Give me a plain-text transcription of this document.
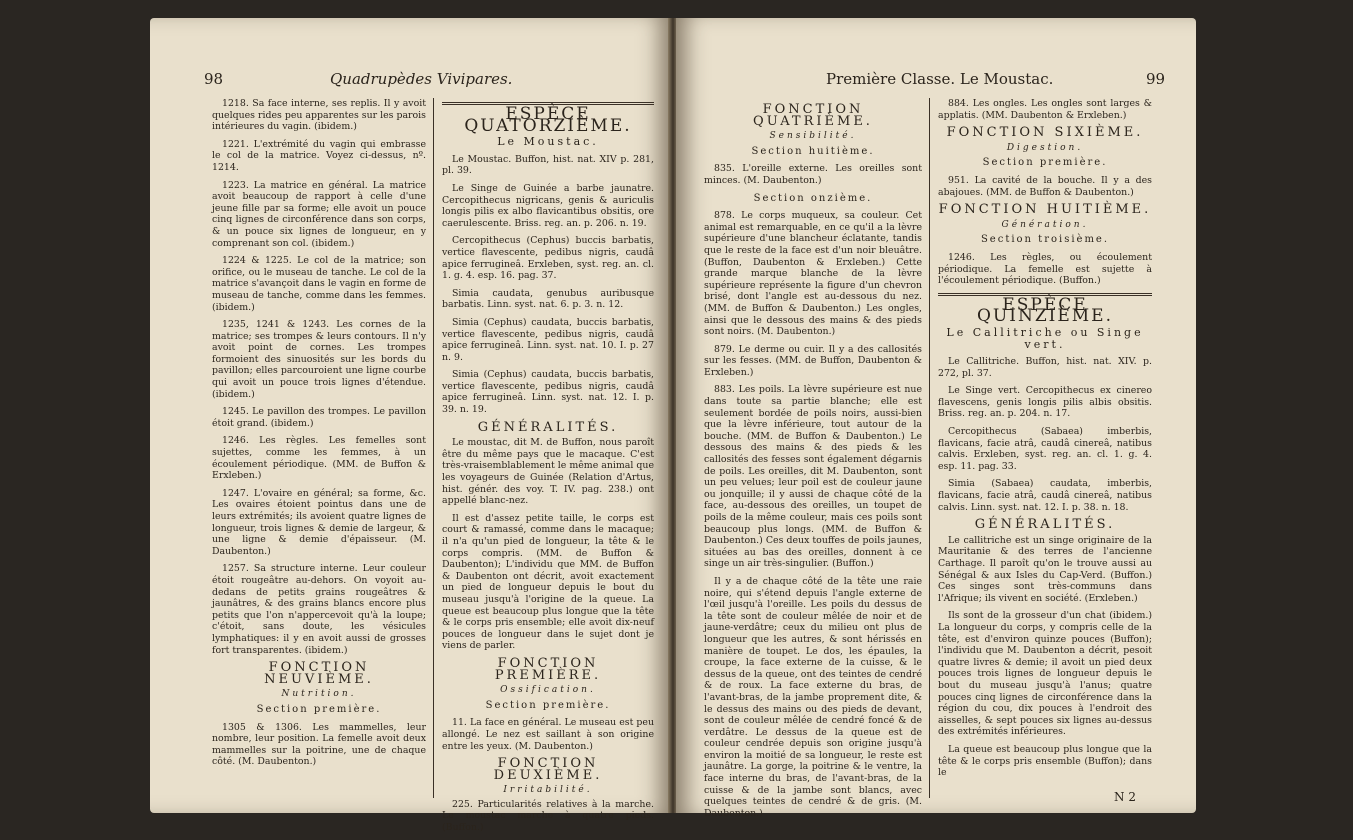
98	Quadrupèdes Vivipares.

1218. Sa face interne, ses replis. Il y avoit quelques rides peu apparentes sur les parois intérieures du vagin. (ibidem.)

1221. L'extrémité du vagin qui embrasse le col de la matrice. Voyez ci-dessus, nº. 1214.

1223. La matrice en général. La matrice avoit beaucoup de rapport à celle d'une jeune fille par sa forme; elle avoit un pouce cinq lignes de circonférence dans son corps, & un pouce six lignes de longueur, en y comprenant son col. (ibidem.)

1224 & 1225. Le col de la matrice; son orifice, ou le museau de tanche. Le col de la matrice s'avançoit dans le vagin en forme de museau de tanche, comme dans les femmes. (ibidem.)

1235, 1241 & 1243. Les cornes de la matrice; ses trompes & leurs contours. Il n'y avoit point de cornes. Les trompes formoient des sinuosités sur les bords du pavillon; elles parcouroient une ligne courbe qui avoit un pouce trois lignes d'étendue. (ibidem.)

1245. Le pavillon des trompes. Le pavillon étoit grand. (ibidem.)

1246. Les règles. Les femelles sont sujettes, comme les femmes, à un écoulement périodique. (MM. de Buffon & Erxleben.)

1247. L'ovaire en général; sa forme, &c. Les ovaires étoient pointus dans une de leurs extrémités; ils avoient quatre lignes de longueur, trois lignes & demie de largeur, & une ligne & demie d'épaisseur. (M. Daubenton.)

1257. Sa structure interne. Leur couleur étoit rougeâtre au-dehors. On voyoit au-dedans de petits grains rougeâtres & jaunâtres, & des grains blancs encore plus petits que l'on n'appercevoit qu'à la loupe; c'étoit, sans doute, les vésicules lymphatiques: il y en avoit aussi de grosses fort transparentes. (ibidem.)

FONCTION NEUVIÈME.
Nutrition.
Section première.

1305 & 1306. Les mammelles, leur nombre, leur position. La femelle avoit deux mammelles sur la poitrine, une de chaque côté. (M. Daubenton.)

ESPÈCE QUATORZIÈME.
Le Moustac.

Le Moustac. Buffon, hist. nat. XIV p. 281, pl. 39.

Le Singe de Guinée a barbe jaunatre. Cercopithecus nigricans, genis & auriculis longis pilis ex albo flavicantibus obsitis, ore caerulescente. Briss. reg. an. p. 206. n. 19.

Cercopithecus (Cephus) buccis barbatis, vertice flavescente, pedibus nigris, caudâ apice ferrugineâ. Erxleben, syst. reg. an. cl. 1. g. 4. esp. 16. pag. 37.

Simia caudata, genubus auribusque barbatis. Linn. syst. nat. 6. p. 3. n. 12.

Simia (Cephus) caudata, buccis barbatis, vertice flavescente, pedibus nigris, caudâ apice ferrugineâ. Linn. syst. nat. 10. I. p. 27 n. 9.

Simia (Cephus) caudata, buccis barbatis, vertice flavescente, pedibus nigris, caudâ apice ferrugineâ. Linn. syst. nat. 12. I. p. 39. n. 19.

GÉNÉRALITÉS.

Le moustac, dit M. de Buffon, nous paroît être du même pays que le macaque. C'est très-vraisemblablement le même animal que les voyageurs de Guinée (Relation d'Artus, hist. génér. des voy. T. IV. pag. 238.) ont appellé blanc-nez.

Il est d'assez petite taille, le corps est court & ramassé, comme dans le macaque; il n'a qu'un pied de longueur, la tête & le corps compris. (MM. de Buffon & Daubenton); L'individu que MM. de Buffon & Daubenton ont décrit, avoit exactement un pied de longueur depuis le bout du museau jusqu'à l'origine de la queue. La queue est beaucoup plus longue que la tête & le corps pris ensemble; elle avoit dix-neuf pouces de longueur dans le sujet dont je viens de parler.

FONCTION PREMIÈRE.
Ossification.
Section première.

11. La face en général. Le museau est peu allongé. Le nez est saillant à son origine entre les yeux. (M. Daubenton.)

FONCTION DEUXIÈME.
Irritabilité.

225. Particularités relatives à la marche. Le moustac marche à quatre pieds. (Buffon.)

Première Classe. Le Moustac.	99
FONCTION QUATRIÈME.
Sensibilité.
Section huitième.

835. L'oreille externe. Les oreilles sont minces. (M. Daubenton.)

Section onzième.

878. Le corps muqueux, sa couleur. Cet animal est remarquable, en ce qu'il a la lèvre supérieure d'une blancheur éclatante, tandis que le reste de la face est d'un noir bleuâtre. (Buffon, Daubenton & Erxleben.) Cette grande marque blanche de la lèvre supérieure représente la figure d'un chevron brisé, dont l'angle est au-dessous du nez. (MM. de Buffon & Daubenton.) Les ongles, ainsi que le dessous des mains & des pieds sont noirs. (M. Daubenton.)

879. Le derme ou cuir. Il y a des callosités sur les fesses. (MM. de Buffon, Daubenton & Erxleben.)

883. Les poils. La lèvre supérieure est nue dans toute sa partie blanche; elle est seulement bordée de poils noirs, aussi-bien que la lèvre inférieure, tout autour de la bouche. (MM. de Buffon & Daubenton.) Le dessous des mains & des pieds & les callosités des fesses sont également dégarnis de poils. Les oreilles, dit M. Daubenton, sont un peu velues; leur poil est de couleur jaune ou jonquille; il y aussi de chaque côté de la face, au-dessous des oreilles, un toupet de poils de la même couleur, mais ces poils sont beaucoup plus longs. (MM. de Buffon & Daubenton.) Ces deux touffes de poils jaunes, situées au bas des oreilles, donnent à ce singe un air très-singulier. (Buffon.)

Il y a de chaque côté de la tête une raie noire, qui s'étend depuis l'angle externe de l'œil jusqu'à l'oreille. Les poils du dessus de la tête sont de couleur mêlée de noir et de jaune-verdâtre; ceux du milieu ont plus de longueur que les autres, & sont hérissés en manière de toupet. Le dos, les épaules, la croupe, la face externe de la cuisse, & le dessus de la queue, ont des teintes de cendré & de roux. La face externe du bras, de l'avant-bras, de la jambe proprement dite, & le dessus des mains ou des pieds de devant, sont de couleur mêlée de cendré foncé & de verdâtre. Le dessus de la queue est de couleur cendrée depuis son origine jusqu'à environ la moitié de sa longueur, le reste est jaunâtre. La gorge, la poitrine & le ventre, la face interne du bras, de l'avant-bras, de la cuisse & de la jambe sont blancs, avec quelques teintes de cendré & de gris. (M. Daubenton.)

884. Les ongles. Les ongles sont larges & applatis. (MM. Daubenton & Erxleben.)

FONCTION SIXIÈME.
Digestion.
Section première.

951. La cavité de la bouche. Il y a des abajoues. (MM. de Buffon & Daubenton.)

FONCTION HUITIÈME.
Génération.
Section troisième.

1246. Les règles, ou écoulement périodique. La femelle est sujette à l'écoulement périodique. (Buffon.)

ESPÈCE QUINZIÈME.
Le Callitriche ou Singe vert.

Le Callitriche. Buffon, hist. nat. XIV. p. 272, pl. 37.

Le Singe vert. Cercopithecus ex cinereo flavescens, genis longis pilis albis obsitis. Briss. reg. an. p. 204. n. 17.

Cercopithecus (Sabaea) imberbis, flavicans, facie atrâ, caudâ cinereâ, natibus calvis. Erxleben, syst. reg. an. cl. 1. g. 4. esp. 11. pag. 33.

Simia (Sabaea) caudata, imberbis, flavicans, facie atrâ, caudâ cinereâ, natibus calvis. Linn. syst. nat. 12. I. p. 38. n. 18.

GÉNÉRALITÉS.

Le callitriche est un singe originaire de la Mauritanie & des terres de l'ancienne Carthage. Il paroît qu'on le trouve aussi au Sénégal & aux Isles du Cap-Verd. (Buffon.) Ces singes sont très-communs dans l'Afrique; ils vivent en société. (Erxleben.)

Ils sont de la grosseur d'un chat (ibidem.) La longueur du corps, y compris celle de la tête, est d'environ quinze pouces (Buffon); l'individu que M. Daubenton a décrit, pesoit quatre livres & demie; il avoit un pied deux pouces trois lignes de longueur depuis le bout du museau jusqu'à l'anus; quatre pouces cinq lignes de circonférence dans la région du cou, dix pouces à l'endroit des aisselles, & sept pouces six lignes au-dessus des extrémités inférieures.

La queue est beaucoup plus longue que la tête & le corps pris ensemble (Buffon); dans le

N 2
